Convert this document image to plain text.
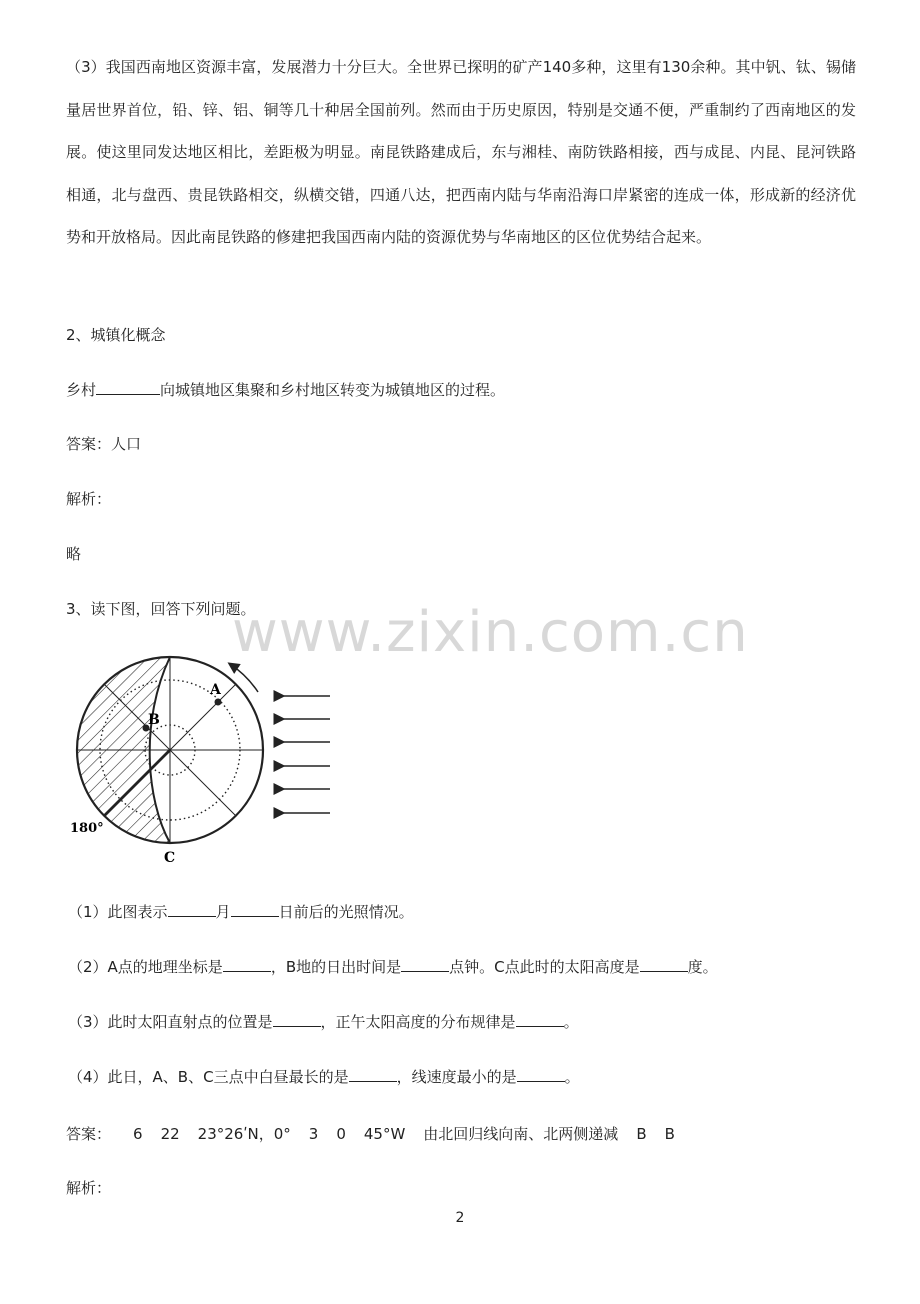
（3）我国西南地区资源丰富，发展潜力十分巨大。全世界已探明的矿产140多种，这里有130余种。其中钒、钛、锡储量居世界首位，铅、锌、铝、铜等几十种居全国前列。然而由于历史原因，特别是交通不便，严重制约了西南地区的发展。使这里同发达地区相比，差距极为明显。南昆铁路建成后，东与湘桂、南防铁路相接，西与成昆、内昆、昆河铁路相通，北与盘西、贵昆铁路相交，纵横交错，四通八达，把西南内陆与华南沿海口岸紧密的连成一体，形成新的经济优势和开放格局。因此南昆铁路的修建把我国西南内陆的资源优势与华南地区的区位优势结合起来。

2、城镇化概念

乡村	向城镇地区集聚和乡村地区转变为城镇地区的过程。

答案：人口

解析：

略

3、读下图，回答下列问题。

www.zixin.com.cn
A
B
C
180°

（1）此图表示	月	日前后的光照情况。

（2）A点的地理坐标是	，B地的日出时间是	点钟。C点此时的太阳高度是	度。

（3）此时太阳直射点的位置是	，正午太阳高度的分布规律是	。

（4）此日，A、B、C三点中白昼最长的是	，线速度最小的是	。

答案： 6 22 23°26ʹN，0° 3 0 45°W 由北回归线向南、北两侧递减 B B

解析：

2
